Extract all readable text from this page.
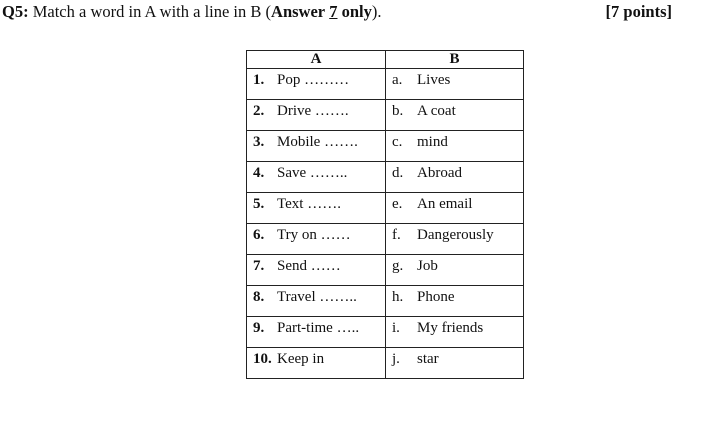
Q5: Match a word in A with a line in B (Answer 7 only).	[7 points]
A	B
1. Pop ………	a. Lives
2. Drive …….	b. A coat
3. Mobile …….	c. mind
4. Save ……..	d. Abroad
5. Text …….	e. An email
6. Try on ……	f. Dangerously
7. Send ……	g. Job
8. Travel ……..	h. Phone
9. Part-time …..	i. My friends
10. Keep in	j. star
